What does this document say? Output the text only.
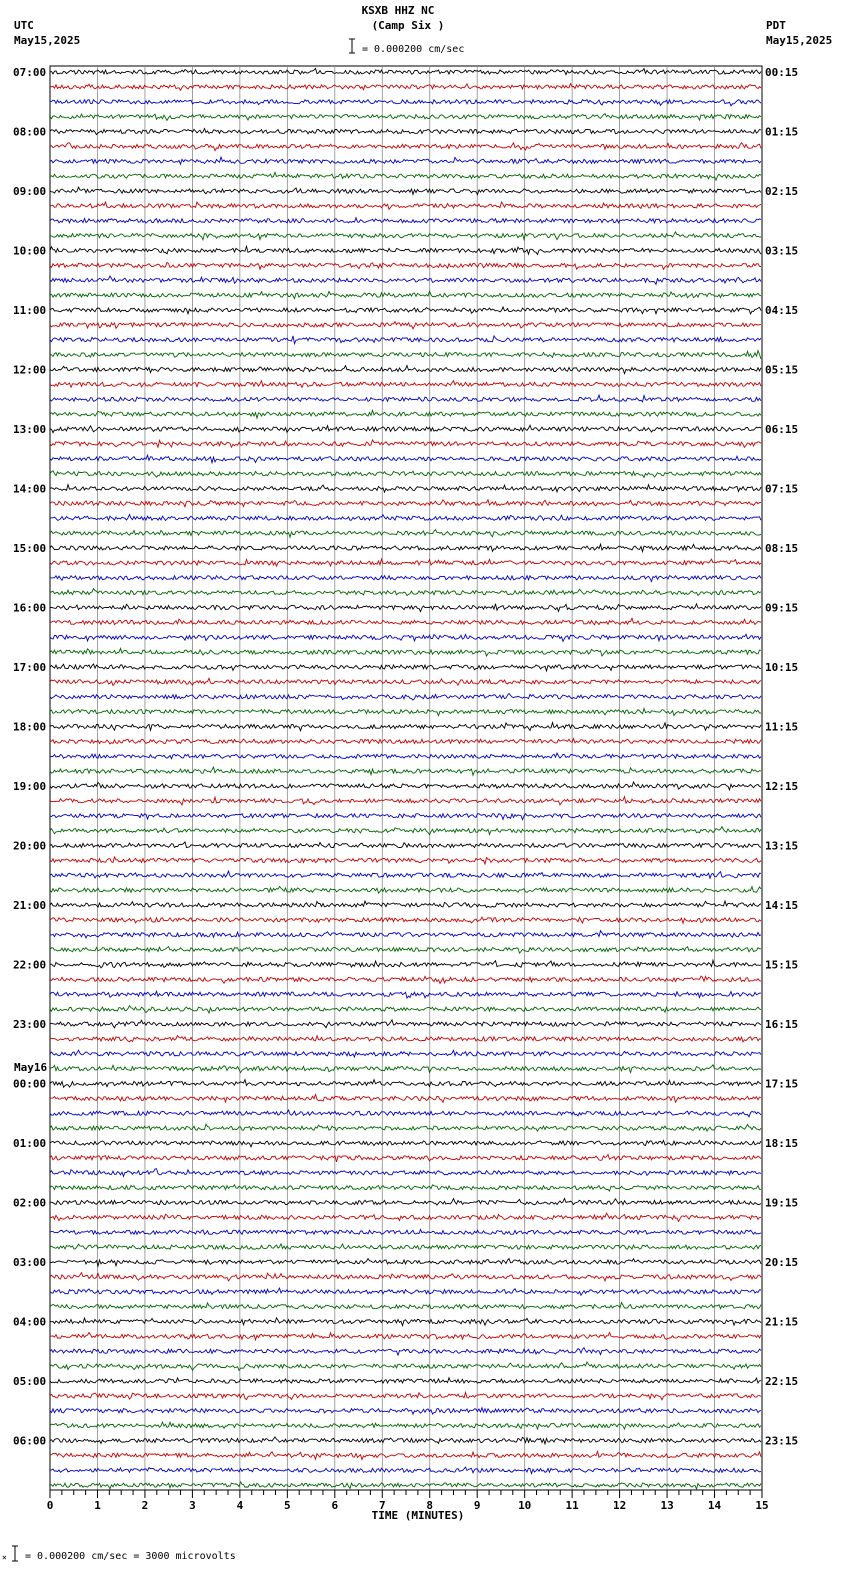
KSXB HHZ NC
(Camp Six )
= 0.000200 cm/sec
UTC
May15,2025
PDT
May15,2025
07:00
08:00
09:00
10:00
11:00
12:00
13:00
14:00
15:00
16:00
17:00
18:00
19:00
20:00
21:00
22:00
23:00
00:00
01:00
02:00
03:00
04:00
05:00
06:00
00:15
01:15
02:15
03:15
04:15
05:15
06:15
07:15
08:15
09:15
10:15
11:15
12:15
13:15
14:15
15:15
16:15
17:15
18:15
19:15
20:15
21:15
22:15
23:15
May16
0	1	2	3	4	5	6	7	8	9	10	11	12	13	14	15
TIME (MINUTES)
× = 0.000200 cm/sec = 3000 microvolts
